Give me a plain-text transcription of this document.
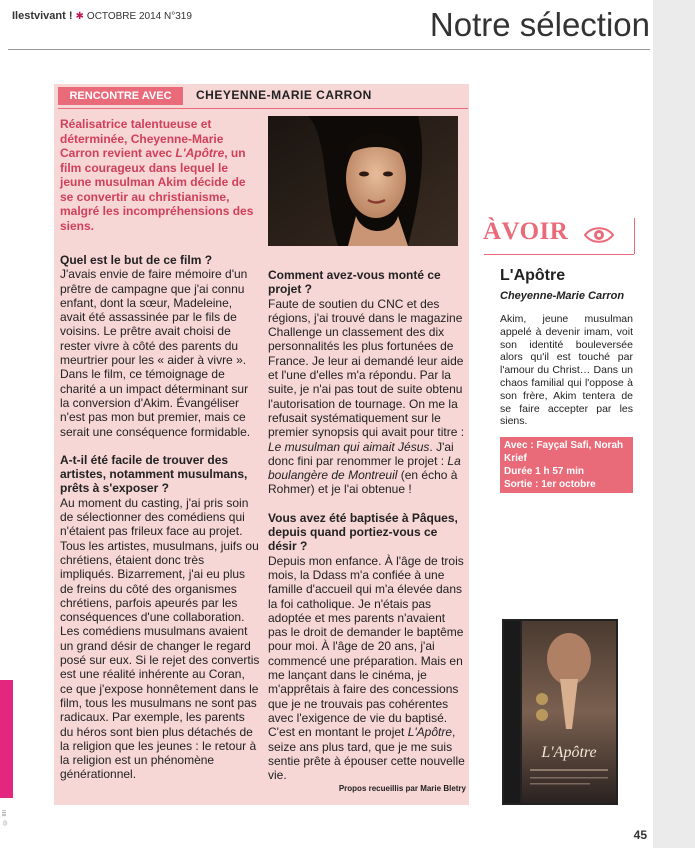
© IIII
Ilestvivant ! ✱ OCTOBRE 2014 N°319	Notre sélection
RENCONTRE AVEC	CHEYENNE-MARIE CARRON
Réalisatrice talentueuse et déterminée, Cheyenne-Marie Carron revient avec L'Apôtre, un film courageux dans lequel le jeune musulman Akim décide de se convertir au christianisme, malgré les incompréhensions des siens.

Quel est le but de ce film ?

J'avais envie de faire mémoire d'un prêtre de campagne que j'ai connu enfant, dont la sœur, Madeleine, avait été assassinée par le fils de voisins. Le prêtre avait choisi de rester vivre à côté des parents du meurtrier pour les « aider à vivre ». Dans le film, ce témoignage de charité a un impact déterminant sur la conversion d'Akim. Évangéliser n'est pas mon but premier, mais ce serait une conséquence formidable.

A-t-il été facile de trouver des artistes, notamment musulmans, prêts à s'exposer ?

Au moment du casting, j'ai pris soin de sélectionner des comédiens qui n'étaient pas frileux face au projet. Tous les artistes, musulmans, juifs ou chrétiens, étaient donc très impliqués. Bizarrement, j'ai eu plus de freins du côté des organismes chrétiens, parfois apeurés par les conséquences d'une collaboration. Les comédiens musulmans avaient un grand désir de changer le regard posé sur eux. Si le rejet des convertis est une réalité inhérente au Coran, ce que j'expose honnêtement dans le film, tous les musulmans ne sont pas radicaux. Par exemple, les parents du héros sont bien plus détachés de la religion que les jeunes : le retour à la religion est un phénomène générationnel.

Comment avez-vous monté ce projet ?

Faute de soutien du CNC et des régions, j'ai trouvé dans le magazine Challenge un classement des dix personnalités les plus fortunées de France. Je leur ai demandé leur aide et l'une d'elles m'a répondu. Par la suite, je n'ai pas tout de suite obtenu l'autorisation de tournage. On me la refusait systématiquement sur le premier synopsis qui avait pour titre : Le musulman qui aimait Jésus. J'ai donc fini par renommer le projet : La boulangère de Montreuil (en écho à Rohmer) et je l'ai obtenue !

Vous avez été baptisée à Pâques, depuis quand portiez-vous ce désir ?

Depuis mon enfance. À l'âge de trois mois, la Ddass m'a confiée à une famille d'accueil qui m'a élevée dans la foi catholique. Je n'étais pas adoptée et mes parents n'avaient pas le droit de demander le baptême pour moi. À l'âge de 20 ans, j'ai commencé une préparation. Mais en me lançant dans le cinéma, je m'apprêtais à faire des concessions que je ne trouvais pas cohérentes avec l'exigence de vie du baptisé. C'est en montant le projet L'Apôtre, seize ans plus tard, que je me suis sentie prête à épouser cette nouvelle vie.

Propos recueillis par Marie Bletry

ÀVOIR
L'Apôtre
Cheyenne-Marie Carron
Akim, jeune musulman appelé à devenir imam, voit son identité bouleversée alors qu'il est touché par l'amour du Christ… Dans un chaos familial qui l'oppose à son frère, Akim tentera de se faire accepter par les siens.
Avec : Fayçal Safi, Norah Krief
Durée 1 h 57 min
Sortie : 1er octobre
L'Apôtre
45
